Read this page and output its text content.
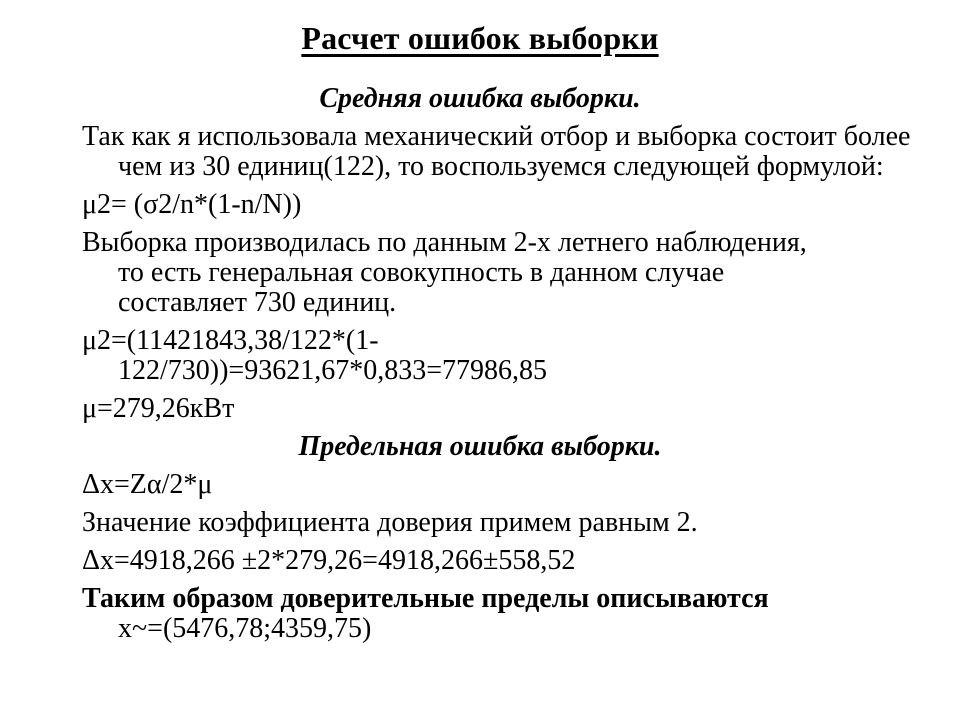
Расчет ошибок выборки
Средняя ошибка выборки.
Так как я использовала механический отбор и выборка состоит более чем из 30 единиц(122), то воспользуемся следующей формулой:
μ2= (σ2/n*(1-n/N))
Выборка производилась по данным 2-х летнего наблюдения, то есть генеральная совокупность в данном случае составляет 730 единиц.
μ2=(11421843,38/122*(1-122/730))=93621,67*0,833=77986,85
μ=279,26кВт
Предельная ошибка выборки.
Δx=Zα/2*μ
Значение коэффициента доверия примем равным 2.
Δx=4918,266 ±2*279,26=4918,266±558,52
Таким образом доверительные пределы описываются
x~=(5476,78;4359,75)
